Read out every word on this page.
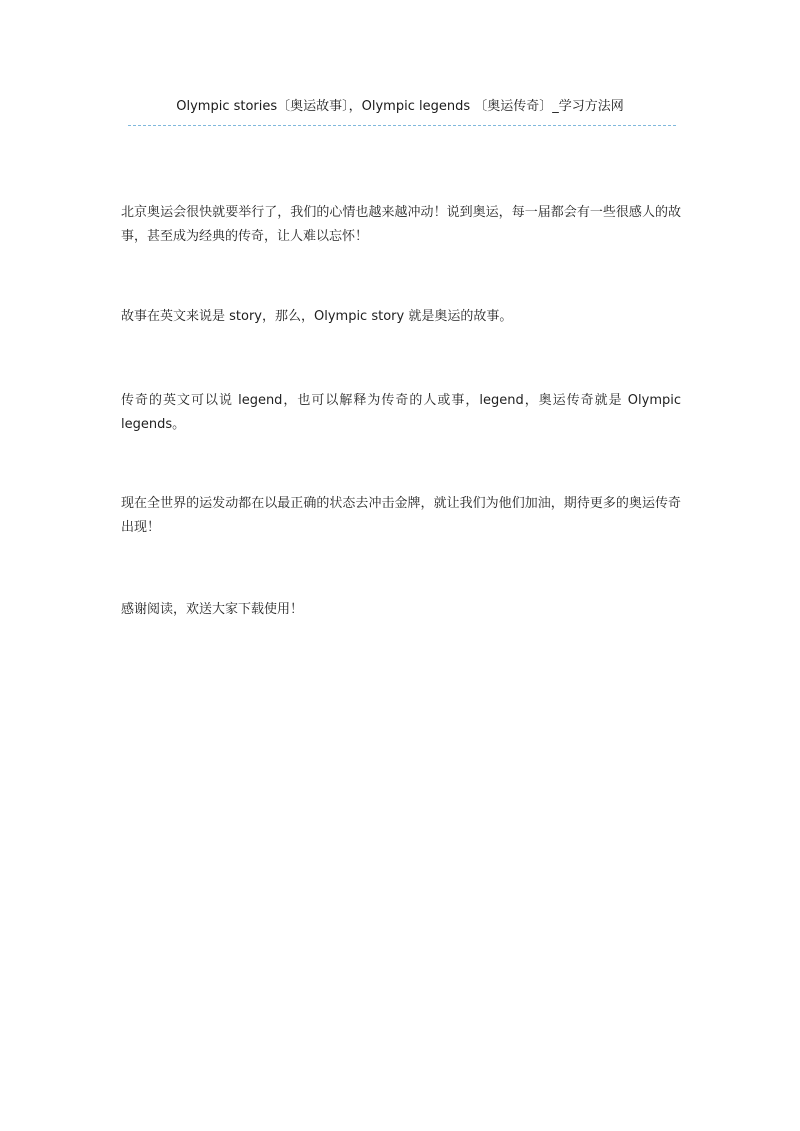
Olympic stories〔奥运故事〕，Olympic legends 〔奥运传奇〕_学习方法网

北京奥运会很快就要举行了，我们的心情也越来越冲动！说到奥运，每一届都会有一些很感人的故事，甚至成为经典的传奇，让人难以忘怀！

故事在英文来说是 story，那么，Olympic story 就是奥运的故事。

传奇的英文可以说 legend，也可以解释为传奇的人或事，legend，奥运传奇就是 Olympic legends。

现在全世界的运发动都在以最正确的状态去冲击金牌，就让我们为他们加油，期待更多的奥运传奇出现！

感谢阅读，欢送大家下载使用！
